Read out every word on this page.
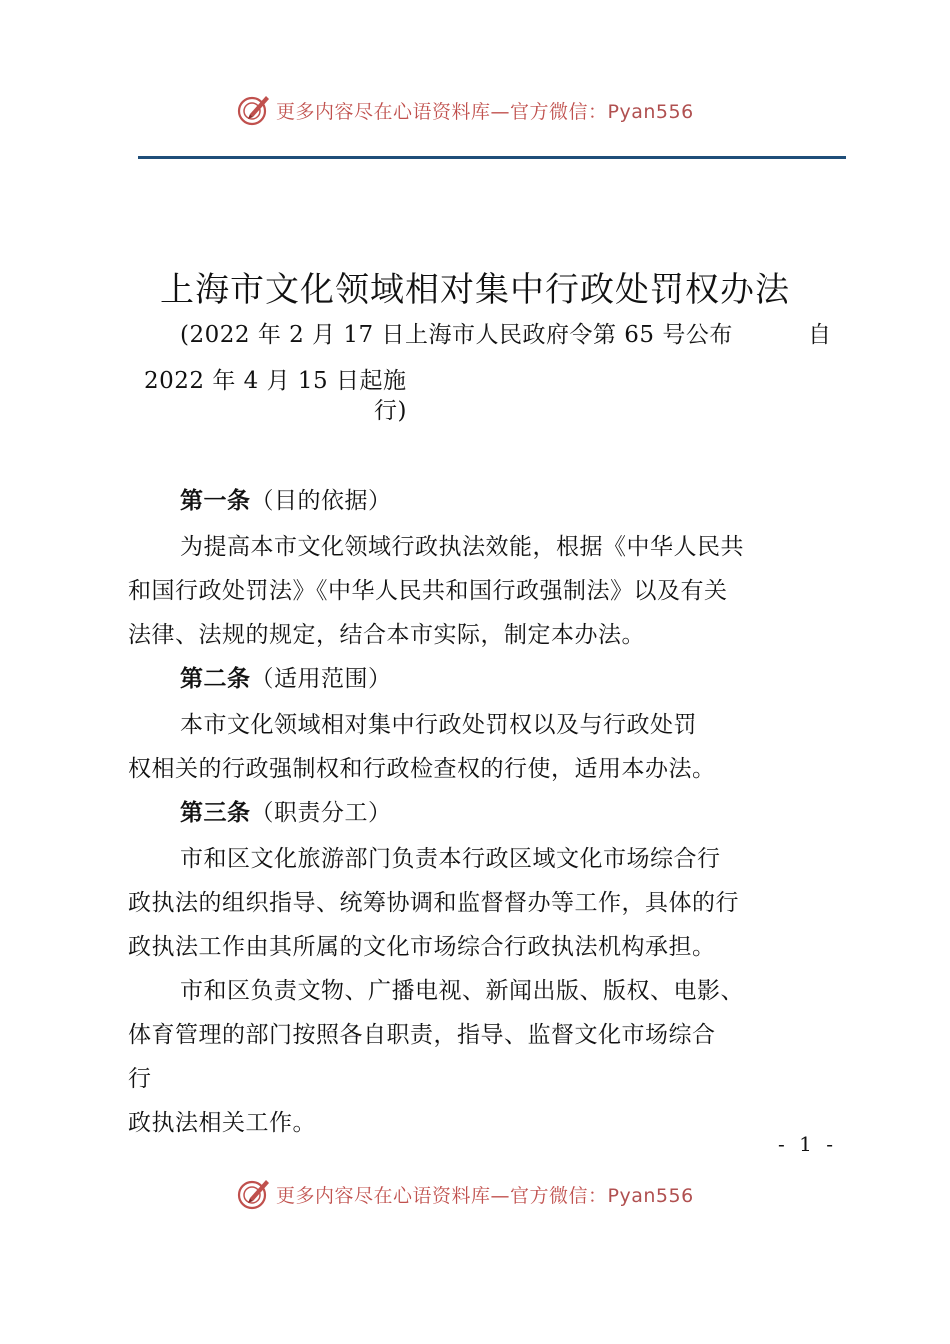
更多内容尽在心语资料库—官方微信：Pyan556
上海市文化领域相对集中行政处罚权办法
(2022 年 2 月 17 日上海市人民政府令第 65 号公布	自
2022 年 4 月 15 日起施
行)
第一条（目的依据）
为提高本市文化领域行政执法效能，根据《中华人民共
和国行政处罚法》《中华人民共和国行政强制法》以及有关
法律、法规的规定，结合本市实际，制定本办法。
第二条（适用范围）
本市文化领域相对集中行政处罚权以及与行政处罚
权相关的行政强制权和行政检查权的行使，适用本办法。
第三条（职责分工）
市和区文化旅游部门负责本行政区域文化市场综合行
政执法的组织指导、统筹协调和监督督办等工作，具体的行
政执法工作由其所属的文化市场综合行政执法机构承担。
市和区负责文物、广播电视、新闻出版、版权、电影、
体育管理的部门按照各自职责，指导、监督文化市场综合
行
政执法相关工作。
- 1 -
更多内容尽在心语资料库—官方微信：Pyan556
